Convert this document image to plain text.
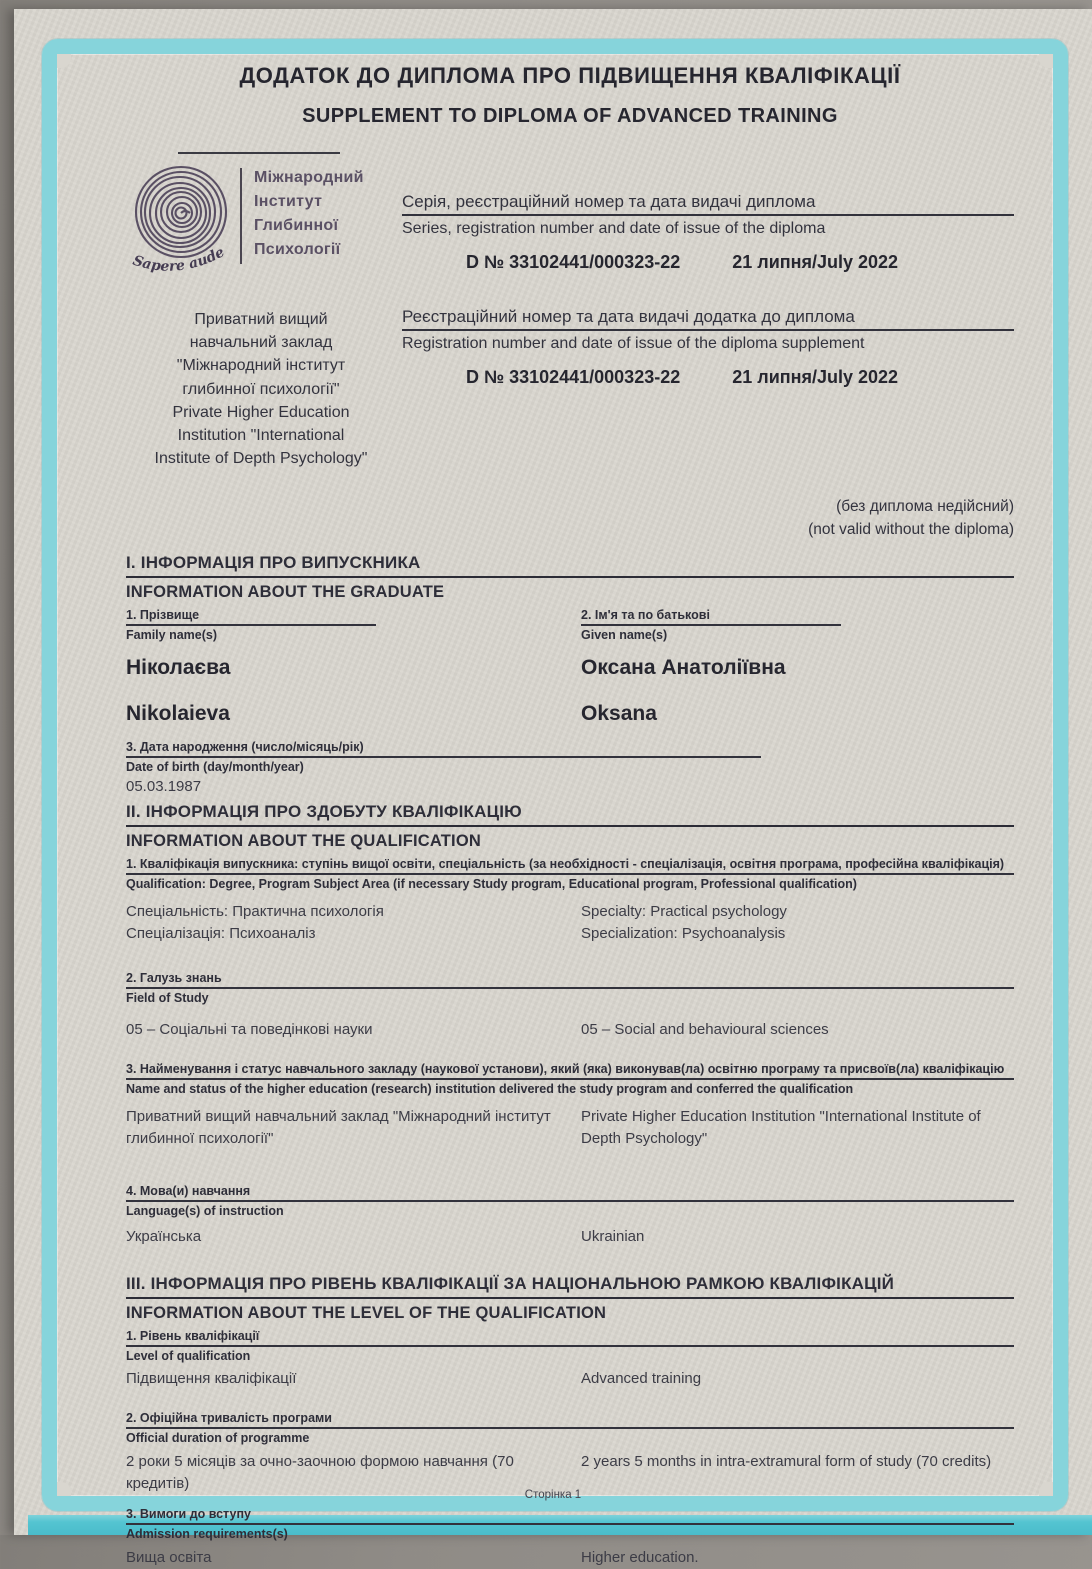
ДОДАТОК ДО ДИПЛОМА ПРО ПІДВИЩЕННЯ КВАЛІФІКАЦІЇ
SUPPLEMENT TO DIPLOMA OF ADVANCED TRAINING
Sapere aude
Міжнародний
Інститут
Глибинної
Психології
Приватний вищий
навчальний заклад
"Міжнародний інститут
глибинної психології"
Private Higher Education
Institution "International
Institute of Depth Psychology"
Серія, реєстраційний номер та дата видачі диплома
Series, registration number and date of issue of the diploma
D № 33102441/000323-22	21 липня/July 2022
Реєстраційний номер та дата видачі додатка до диплома
Registration number and date of issue of the diploma supplement
D № 33102441/000323-22	21 липня/July 2022
(без диплома недійсний)
(not valid without the diploma)
І. ІНФОРМАЦІЯ ПРО ВИПУСКНИКА
INFORMATION ABOUT THE GRADUATE
1. Прізвище
Family name(s)
2. Ім'я та по батькові
Given name(s)
Ніколаєва	Оксана Анатоліївна
Nikolaieva	Oksana
3. Дата народження (число/місяць/рік)
Date of birth (day/month/year)
05.03.1987
ІІ. ІНФОРМАЦІЯ ПРО ЗДОБУТУ КВАЛІФІКАЦІЮ
INFORMATION ABOUT THE QUALIFICATION
1. Кваліфікація випускника: ступінь вищої освіти, спеціальність (за необхідності - спеціалізація, освітня програма, професійна кваліфікація)
Qualification: Degree, Program Subject Area (if necessary Study program, Educational program, Professional qualification)
Спеціальність: Практична психологія
Спеціалізація: Психоаналіз
Specialty: Practical psychology
Specialization: Psychoanalysis
2. Галузь знань
Field of Study
05 – Соціальні та поведінкові науки	05 – Social and behavioural sciences
3. Найменування і статус навчального закладу (наукової установи), який (яка) виконував(ла) освітню програму та присвоїв(ла) кваліфікацію
Name and status of the higher education (research) institution delivered the study program and conferred the qualification
Приватний вищий навчальний заклад "Міжнародний інститут глибинної психології"
Private Higher Education Institution "International Institute of Depth Psychology"
4. Мова(и) навчання
Language(s) of instruction
Українська	Ukrainian
ІІІ. ІНФОРМАЦІЯ ПРО РІВЕНЬ КВАЛІФІКАЦІЇ ЗА НАЦІОНАЛЬНОЮ РАМКОЮ КВАЛІФІКАЦІЙ
INFORMATION ABOUT THE LEVEL OF THE QUALIFICATION
1. Рівень кваліфікації
Level of qualification
Підвищення кваліфікації	Advanced training
2. Офіційна тривалість програми
Official duration of programme
2 роки 5 місяців за очно-заочною формою навчання (70 кредитів)
2 years 5 months in intra-extramural form of study (70 credits)
3. Вимоги до вступу
Admission requirements(s)
Вища освіта	Higher education.
Сторінка 1
